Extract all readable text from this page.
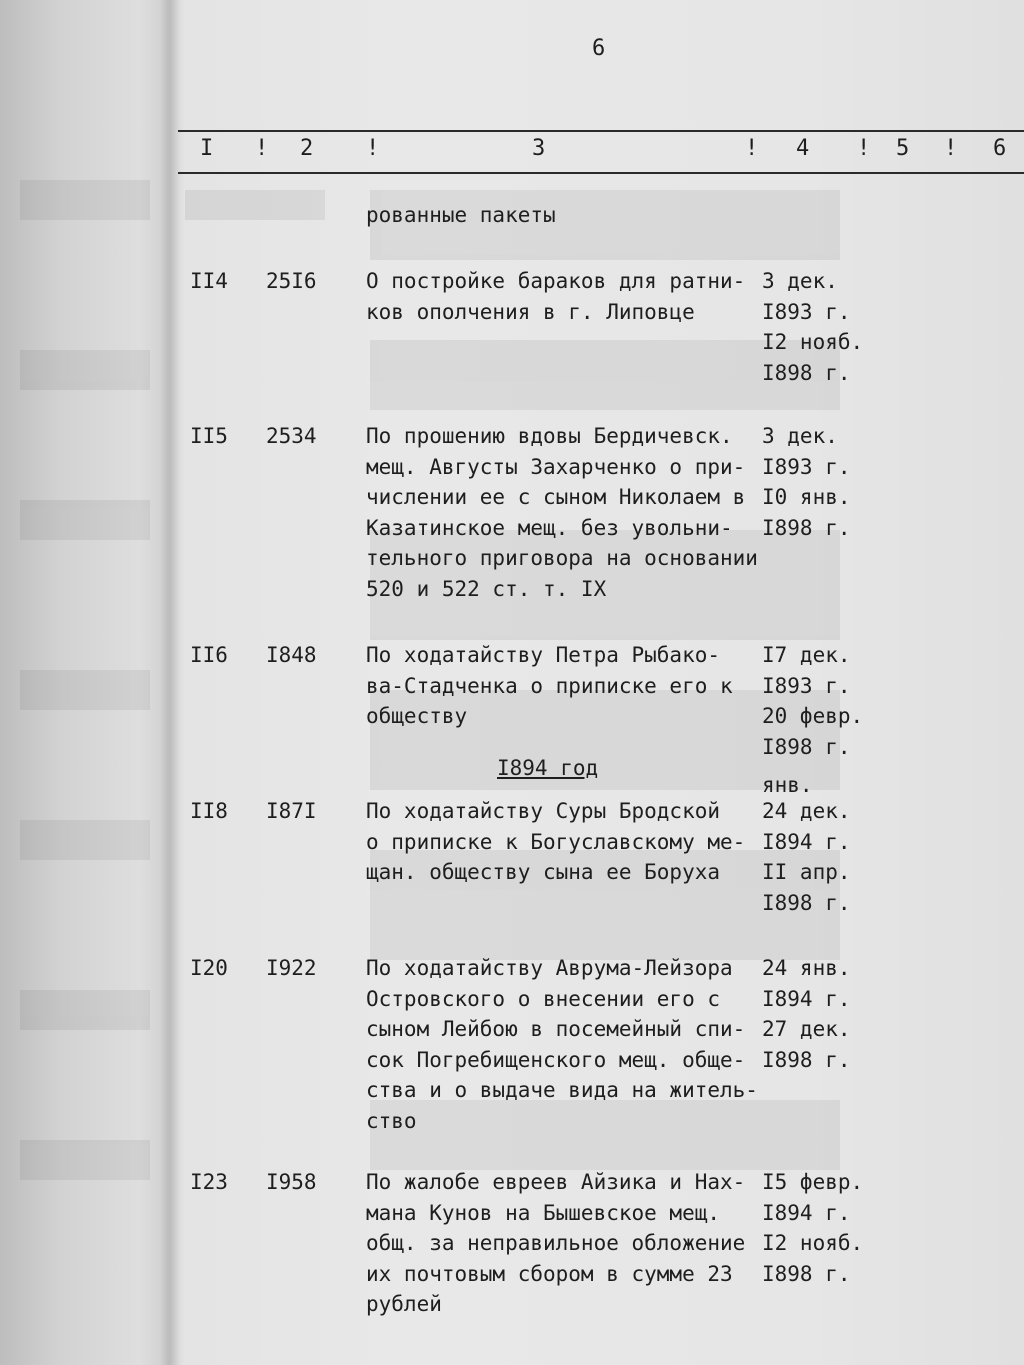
6
I ! 2 !	3	! 4 ! 5 ! 6
рованные пакеты
II4 25I6 О постройке бараков для ратни-
ков ополчения в г. Липовце
3 дек.
I893 г.
I2 нояб.
I898 г.
II5 2534 По прошению вдовы Бердичевск.
мещ. Августы Захарченко о при-
числении ее с сыном Николаем в
Казатинское мещ. без увольни-
тельного приговора на основании
520 и 522 ст. т. IX
3 дек.
I893 г.
I0 янв.
I898 г.
II6 I848 По ходатайству Петра Рыбако-
ва-Стадченка о приписке его к
обществу
I7 дек.
I893 г.
20 февр.
I898 г.
I894 год
янв.
II8 I87I По ходатайству Суры Бродской
о приписке к Богуславскому ме-
щан. обществу сына ее Боруха
24 дек.
I894 г.
II апр.
I898 г.
I20 I922 По ходатайству Аврума-Лейзора
Островского о внесении его с
сыном Лейбою в посемейный спи-
сок Погребищенского мещ. обще-
ства и о выдаче вида на житель-
ство
24 янв.
I894 г.
27 дек.
I898 г.
I23 I958 По жалобе евреев Айзика и Нах-
мана Кунов на Бышевское мещ.
общ. за неправильное обложение
их почтовым сбором в сумме 23
рублей
I5 февр.
I894 г.
I2 нояб.
I898 г.
